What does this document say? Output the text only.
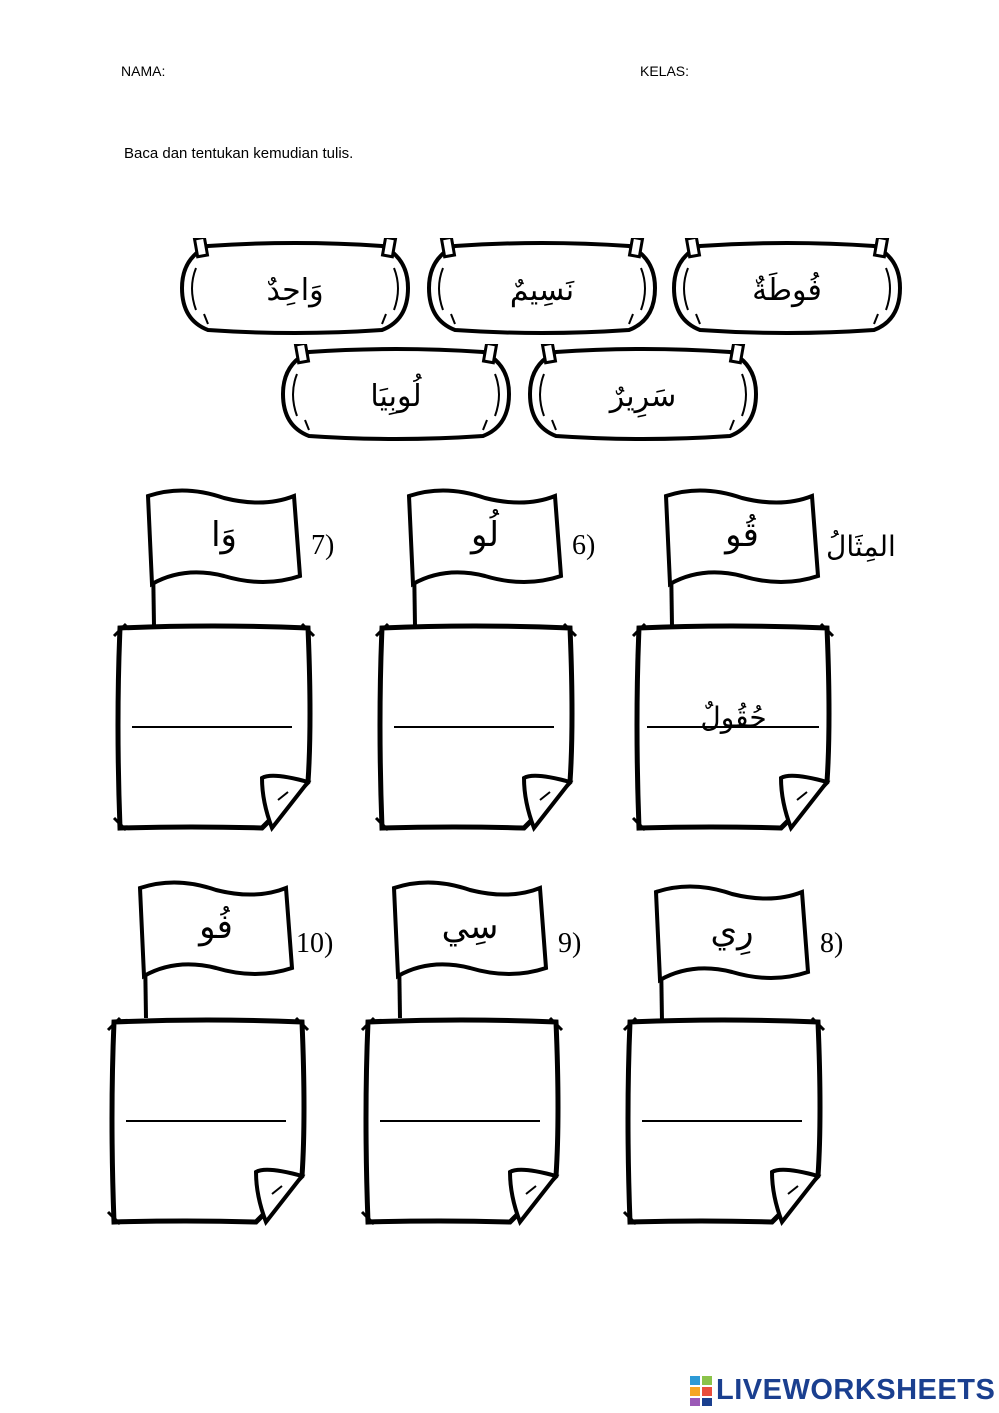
NAMA:	KELAS:
Baca dan tentukan kemudian tulis.
وَاحِدٌ	نَسِيمٌ	فُوطَةٌ
لُوبِيَا	سَرِيرٌ
المِثَالُ
قُو
حُقُولٌ
6)
لُو
7)
وَا
8)
رِي
9)
سِي
10)
فُو
LIVEWORKSHEETS
